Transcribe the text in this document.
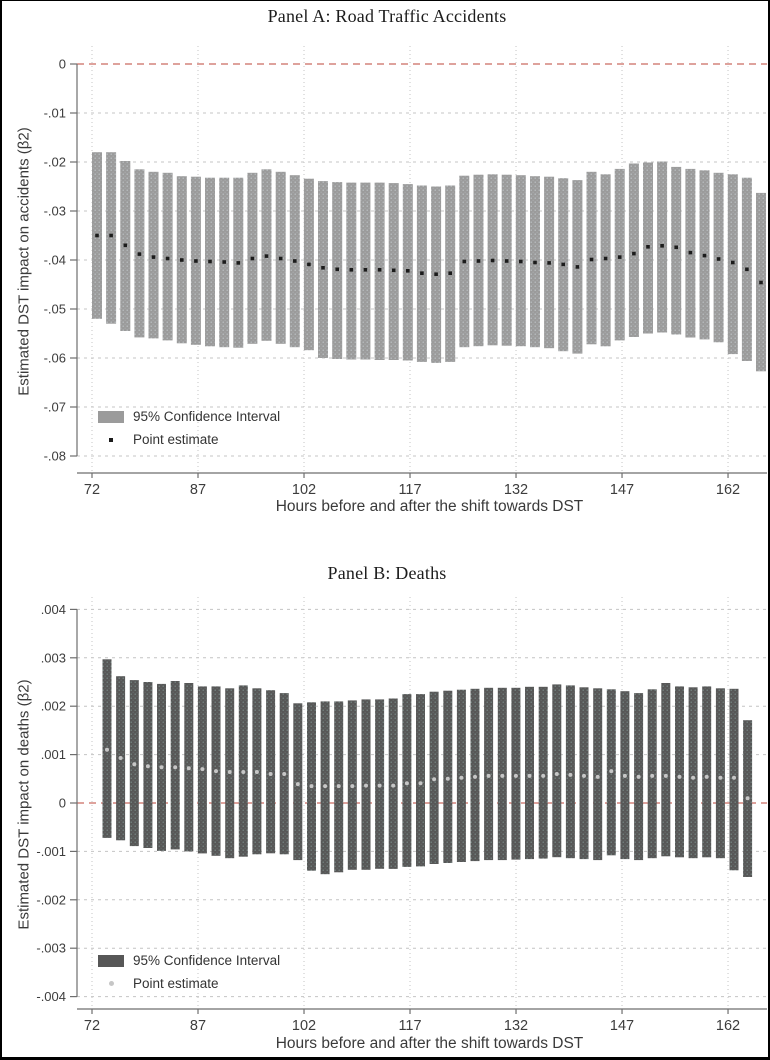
Panel A: Road Traffic Accidents
Estimated DST impact on accidents (β2)
0
-.01
-.02
-.03
-.04
-.05
-.06
-.07
-.08
72	87	102	117	132	147	162
95% Confidence Interval
Point estimate
Hours before and after the shift towards DST
Panel B: Deaths
Estimated DST impact on deaths (β2)
.004
.003
.002
.001
0
-.001
-.002
-.003
-.004
72	87	102	117	132	147	162
95% Confidence Interval
Point estimate
Hours before and after the shift towards DST
